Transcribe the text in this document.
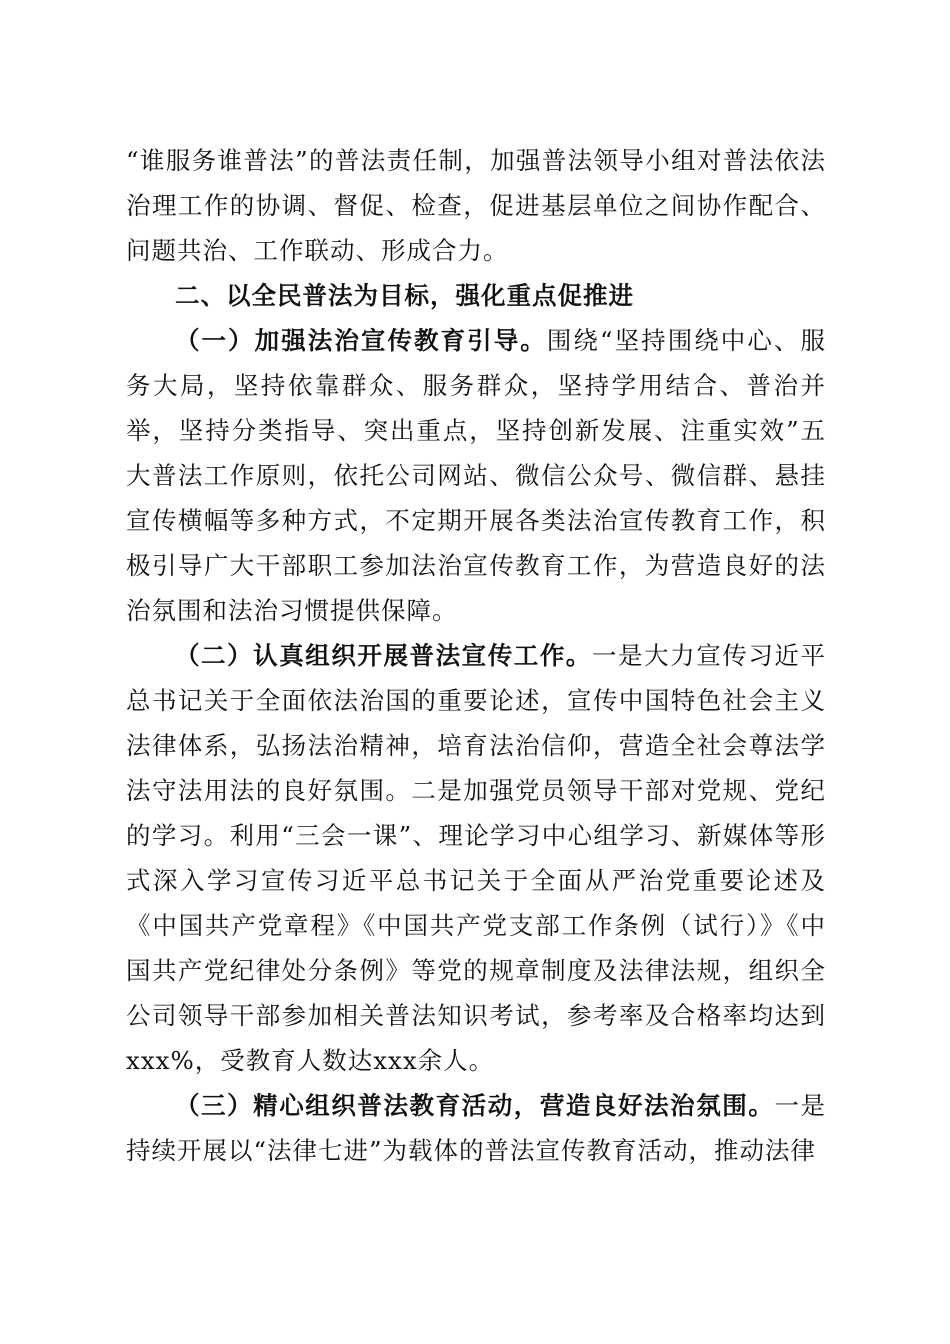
“谁服务谁普法”的普法责任制，加强普法领导小组对普法依法治理工作的协调、督促、检查，促进基层单位之间协作配合、问题共治、工作联动、形成合力。

二、以全民普法为目标，强化重点促推进

（一）加强法治宣传教育引导。围绕“坚持围绕中心、服务大局，坚持依靠群众、服务群众，坚持学用结合、普治并举，坚持分类指导、突出重点，坚持创新发展、注重实效”五大普法工作原则，依托公司网站、微信公众号、微信群、悬挂宣传横幅等多种方式，不定期开展各类法治宣传教育工作，积极引导广大干部职工参加法治宣传教育工作，为营造良好的法治氛围和法治习惯提供保障。

（二）认真组织开展普法宣传工作。一是大力宣传习近平总书记关于全面依法治国的重要论述，宣传中国特色社会主义法律体系，弘扬法治精神，培育法治信仰，营造全社会尊法学法守法用法的良好氛围。二是加强党员领导干部对党规、党纪的学习。利用“三会一课”、理论学习中心组学习、新媒体等形式深入学习宣传习近平总书记关于全面从严治党重要论述及《中国共产党章程》《中国共产党支部工作条例（试行）》《中国共产党纪律处分条例》等党的规章制度及法律法规，组织全公司领导干部参加相关普法知识考试，参考率及合格率均达到xxx%，受教育人数达xxx余人。

（三）精心组织普法教育活动，营造良好法治氛围。一是持续开展以“法律七进”为载体的普法宣传教育活动，推动法律
